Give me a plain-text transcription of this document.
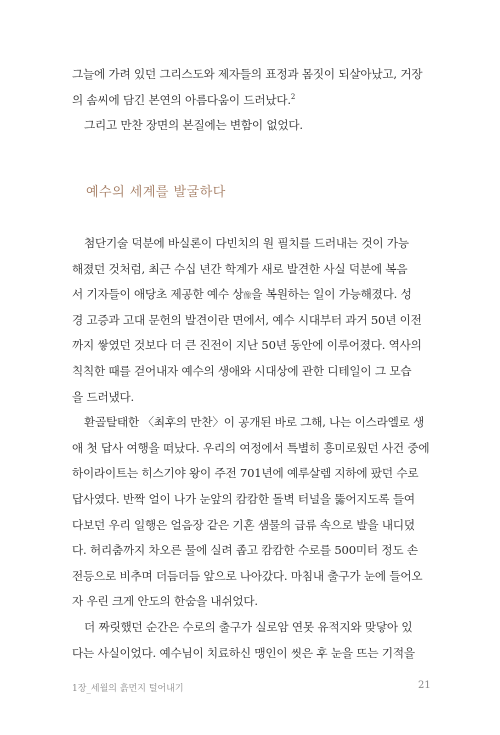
그늘에 가려 있던 그리스도와 제자들의 표정과 몸짓이 되살아났고, 거장
의 솜씨에 담긴 본연의 아름다움이 드러났다.$^2$
그리고 만찬 장면의 본질에는 변함이 없었다.
예수의 세계를 발굴하다
첨단기술 덕분에 바실론이 다빈치의 원 필치를 드러내는 것이 가능
해졌던 것처럼, 최근 수십 년간 학계가 새로 발견한 사실 덕분에 복음
서 기자들이 애당초 제공한 예수 상像을 복원하는 일이 가능해졌다. 성
경 고증과 고대 문헌의 발견이란 면에서, 예수 시대부터 과거 50년 이전
까지 쌓였던 것보다 더 큰 진전이 지난 50년 동안에 이루어졌다. 역사의
칙칙한 때를 걷어내자 예수의 생애와 시대상에 관한 디테일이 그 모습
을 드러냈다.
환골탈태한 〈최후의 만찬〉이 공개된 바로 그해, 나는 이스라엘로 생
애 첫 답사 여행을 떠났다. 우리의 여정에서 특별히 흥미로웠던 사건 중에
하이라이트는 히스기야 왕이 주전 701년에 예루살렘 지하에 팠던 수로
답사였다. 반짝 얼이 나가 눈앞의 캄캄한 돌벽 터널을 뚫어지도록 들여
다보던 우리 일행은 얼음장 같은 기혼 샘물의 급류 속으로 발을 내디뎠
다. 허리춤까지 차오른 물에 실려 좁고 캄캄한 수로를 500미터 정도 손
전등으로 비추며 더듬더듬 앞으로 나아갔다. 마침내 출구가 눈에 들어오
자 우린 크게 안도의 한숨을 내쉬었다.
더 짜릿했던 순간은 수로의 출구가 실로암 연못 유적지와 맞닿아 있
다는 사실이었다. 예수님이 치료하신 맹인이 씻은 후 눈을 뜨는 기적을
1장_세월의 흙먼지 털어내기	21
